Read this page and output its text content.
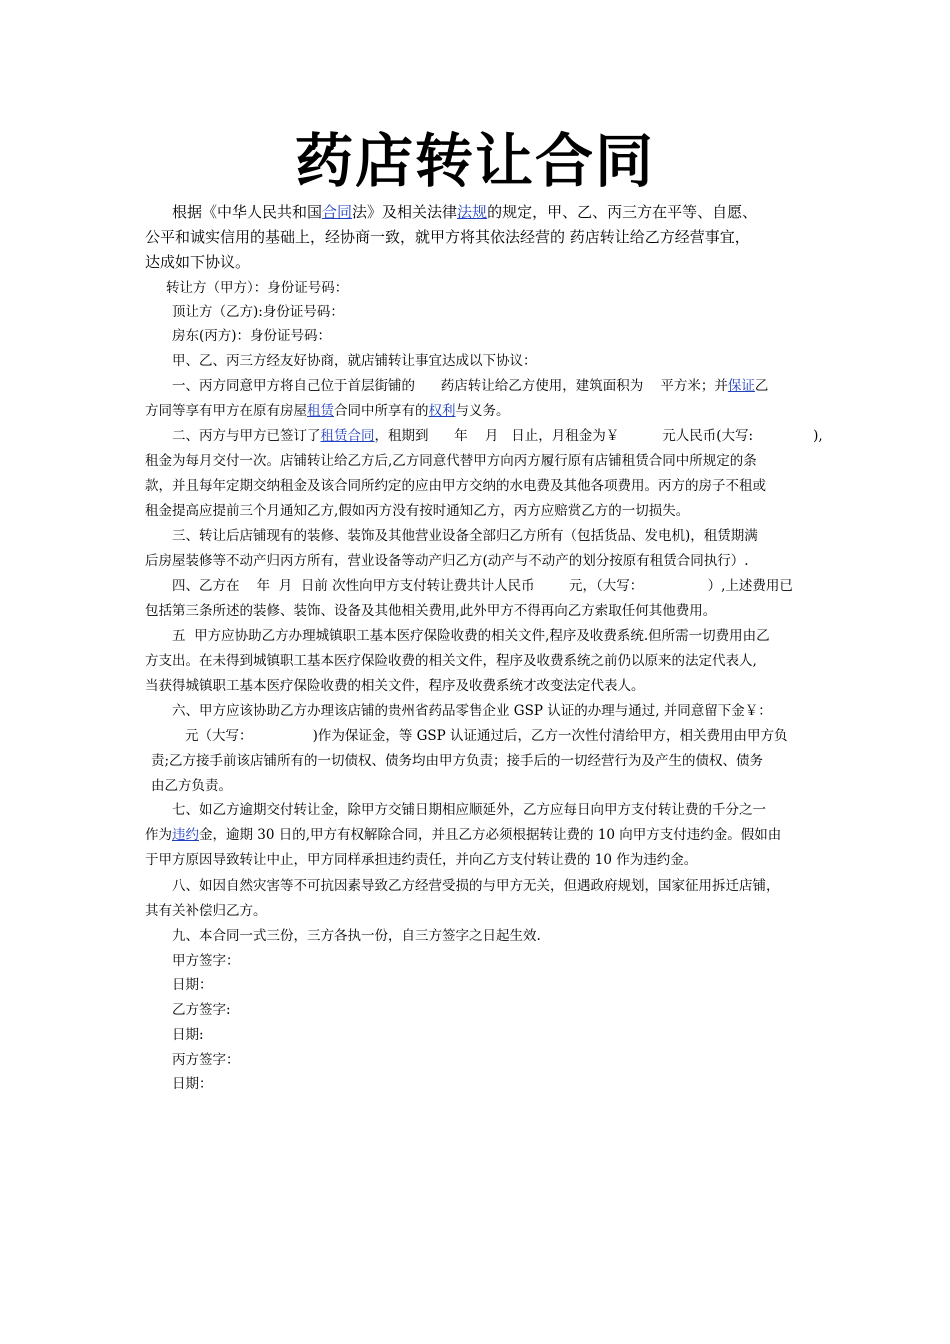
药店转让合同
根据《中华人民共和国合同法》及相关法律法规的规定，甲、乙、丙三方在平等、自愿、
公平和诚实信用的基础上，经协商一致，就甲方将其依法经营的 药店转让给乙方经营事宜，
达成如下协议。
转让方（甲方）：身份证号码：
顶让方（乙方):身份证号码：
房东(丙方)：身份证号码：
甲、乙、丙三方经友好协商，就店铺转让事宜达成以下协议：
一、丙方同意甲方将自己位于首层街铺的      药店转让给乙方使用，建筑面积为    平方米；并保证乙
方同等享有甲方在原有房屋租赁合同中所享有的权利与义务。
二、丙方与甲方已签订了租赁合同，租期到      年    月   日止，月租金为￥          元人民币(大写:              ),
租金为每月交付一次。店铺转让给乙方后,乙方同意代替甲方向丙方履行原有店铺租赁合同中所规定的条
款，并且每年定期交纳租金及该合同所约定的应由甲方交纳的水电费及其他各项费用。丙方的房子不租或
租金提高应提前三个月通知乙方,假如丙方没有按时通知乙方，丙方应赔赏乙方的一切损失。
三、转让后店铺现有的装修、装饰及其他营业设备全部归乙方所有（包括货品、发电机)，租赁期满
后房屋装修等不动产归丙方所有，营业设备等动产归乙方(动产与不动产的划分按原有租赁合同执行）.
四、乙方在    年  月  日前 次性向甲方支付转让费共计人民币        元，（大写：               ）,上述费用已
包括第三条所述的装修、装饰、设备及其他相关费用,此外甲方不得再向乙方索取任何其他费用。
五  甲方应协助乙方办理城镇职工基本医疗保险收费的相关文件,程序及收费系统.但所需一切费用由乙
方支出。在未得到城镇职工基本医疗保险收费的相关文件，程序及收费系统之前仍以原来的法定代表人,
当获得城镇职工基本医疗保险收费的相关文件，程序及收费系统才改变法定代表人。
六、甲方应该协助乙方办理该店铺的贵州省药品零售企业 GSP 认证的办理与通过, 并同意留下金￥：
元（大写：              )作为保证金，等 GSP 认证通过后，乙方一次性付清给甲方，相关费用由甲方负
责;乙方接手前该店铺所有的一切债权、债务均由甲方负责；接手后的一切经营行为及产生的债权、债务
由乙方负责。
七、如乙方逾期交付转让金，除甲方交铺日期相应顺延外，乙方应每日向甲方支付转让费的千分之一
作为违约金，逾期 30 日的,甲方有权解除合同，并且乙方必须根据转让费的 10 向甲方支付违约金。假如由
于甲方原因导致转让中止，甲方同样承担违约责任，并向乙方支付转让费的 10 作为违约金。
八、如因自然灾害等不可抗因素导致乙方经营受损的与甲方无关，但遇政府规划，国家征用拆迁店铺，
其有关补偿归乙方。
九、本合同一式三份，三方各执一份，自三方签字之日起生效.
甲方签字：
日期：
乙方签字:
日期:
丙方签字：
日期：
